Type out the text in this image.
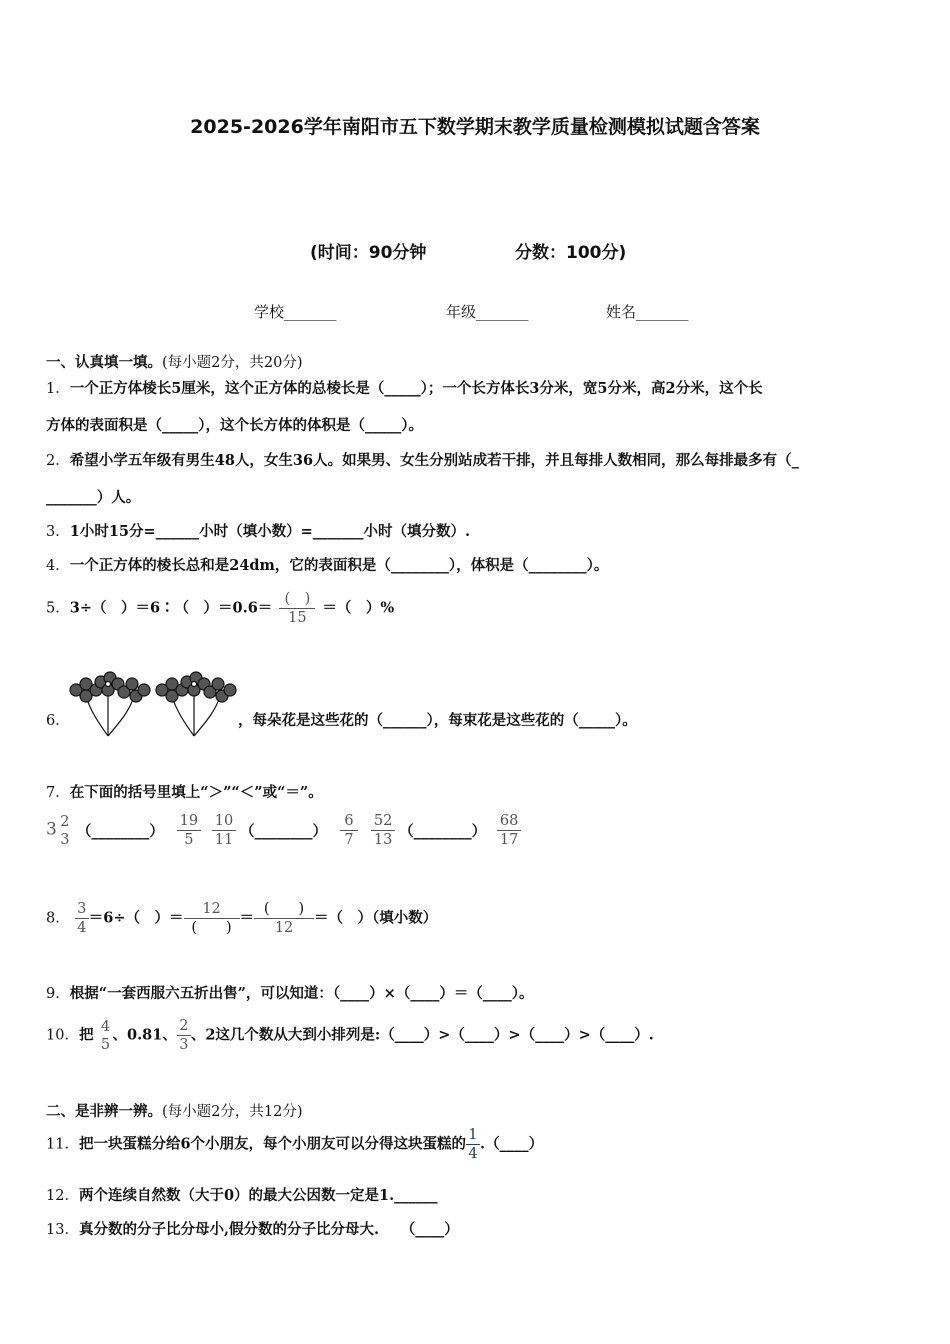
2025-2026学年南阳市五下数学期末教学质量检测模拟试题含答案
(时间：90分钟	分数：100分)
学校_______	年级_______	姓名_______
一、认真填一填。(每小题2分，共20分)
1．一个正方体棱长5厘米，这个正方体的总棱长是（_____）；一个长方体长3分米，宽5分米，高2分米，这个长
方体的表面积是（_____），这个长方体的体积是（_____）。
2．希望小学五年级有男生48人，女生36人。如果男、女生分别站成若干排，并且每排人数相同，那么每排最多有（_
_______）人。
3．1小时15分=______小时（填小数）=_______小时（填分数）.
4．一个正方体的棱长总和是24dm，它的表面积是（________），体积是（________）。
5．3÷（　）＝6∶（　）$=0.6= \frac{( )}{15}$ ＝（　）%
6．	，每朵花是这些花的（______），每束花是这些花的（_____）。
7．在下面的括号里填上“＞”“＜”或“＝”。
3 2
3 （________） $\frac{19}{5}$
$\frac{10}{11}$ （________） $\frac{6}{7}$
$\frac{52}{13}$ （________） $\frac{68}{17}$
8． $\frac{3}{4} =6\div$（　）＝ $\frac{12}{( )} = \frac{( )}{12}$ ＝（　）（填小数）
9．根据“一套西服六五折出售”，可以知道：（____）×（____）＝（____）。
10．把 4
5
、0.81、 $\frac{2}{3}$ 、2这几个数从大到小排列是:（____）>（____）>（____）>（____）.
二、是非辨一辨。(每小题2分，共12分)
11．把一块蛋糕分给6个小朋友，每个小朋友可以分得这块蛋糕的 $\frac{1}{4}$ .（____）
12．两个连续自然数（大于0）的最大公因数一定是1.______
13．真分数的分子比分母小,假分数的分子比分母大.　　（____）
